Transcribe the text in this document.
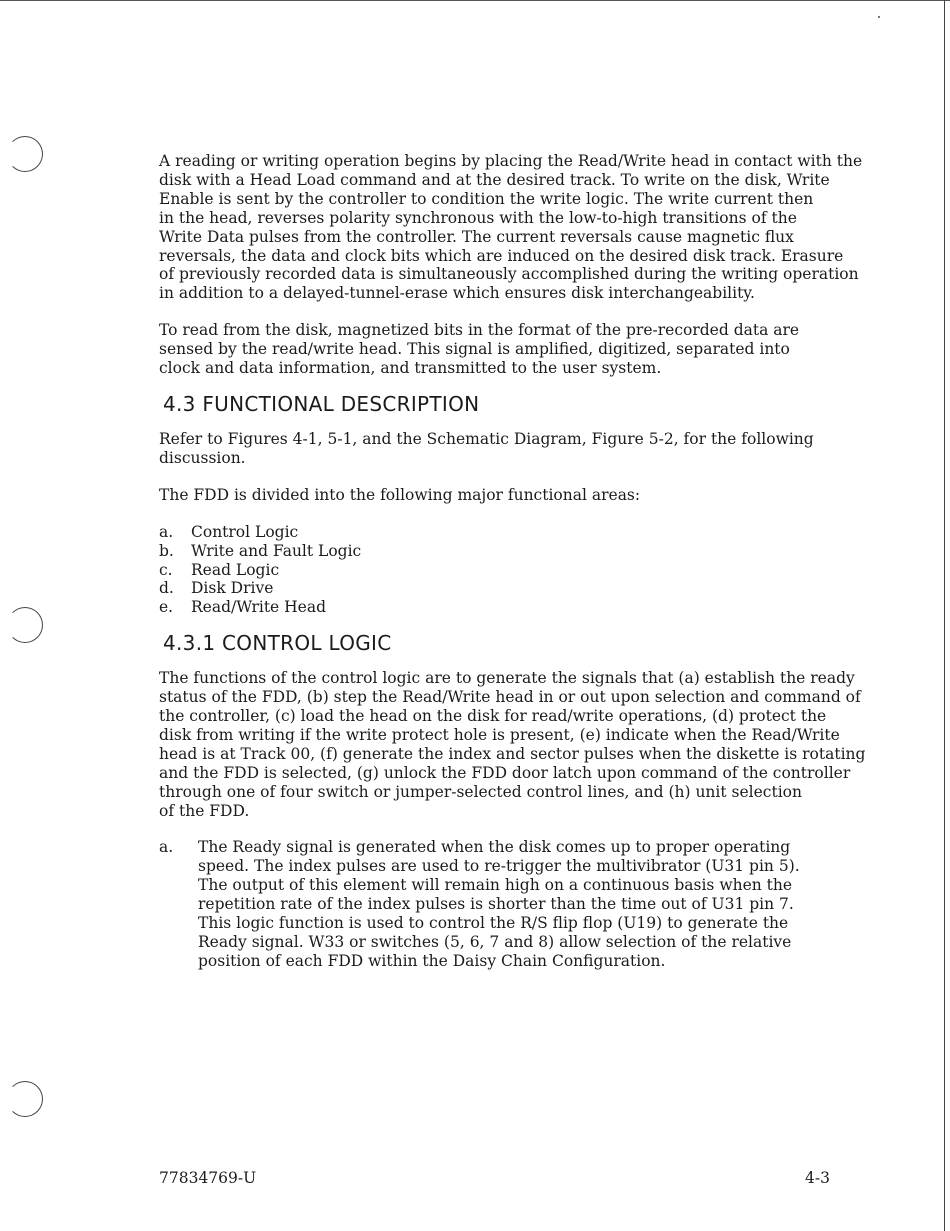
A reading or writing operation begins by placing the Read/Write head in contact with the
disk with a Head Load command and at the desired track. To write on the disk, Write
Enable is sent by the controller to condition the write logic. The write current then
in the head, reverses polarity synchronous with the low-to-high transitions of the
Write Data pulses from the controller. The current reversals cause magnetic flux
reversals, the data and clock bits which are induced on the desired disk track. Erasure
of previously recorded data is simultaneously accomplished during the writing operation
in addition to a delayed-tunnel-erase which ensures disk interchangeability.

To read from the disk, magnetized bits in the format of the pre-recorded data are
sensed by the read/write head. This signal is amplified, digitized, separated into
clock and data information, and transmitted to the user system.

4.3 FUNCTIONAL DESCRIPTION

Refer to Figures 4-1, 5-1, and the Schematic Diagram, Figure 5-2, for the following
discussion.

The FDD is divided into the following major functional areas:

a. Control Logic
b. Write and Fault Logic
c. Read Logic
d. Disk Drive
e. Read/Write Head
4.3.1 CONTROL LOGIC

The functions of the control logic are to generate the signals that (a) establish the ready
status of the FDD, (b) step the Read/Write head in or out upon selection and command of
the controller, (c) load the head on the disk for read/write operations, (d) protect the
disk from writing if the write protect hole is present, (e) indicate when the Read/Write
head is at Track 00, (f) generate the index and sector pulses when the diskette is rotating
and the FDD is selected, (g) unlock the FDD door latch upon command of the controller
through one of four switch or jumper-selected control lines, and (h) unit selection
of the FDD.

a.	The Ready signal is generated when the disk comes up to proper operating
speed. The index pulses are used to re-trigger the multivibrator (U31 pin 5).
The output of this element will remain high on a continuous basis when the
repetition rate of the index pulses is shorter than the time out of U31 pin 7.
This logic function is used to control the R/S flip flop (U19) to generate the
Ready signal. W33 or switches (5, 6, 7 and 8) allow selection of the relative
position of each FDD within the Daisy Chain Configuration.
77834769-U	4-3
